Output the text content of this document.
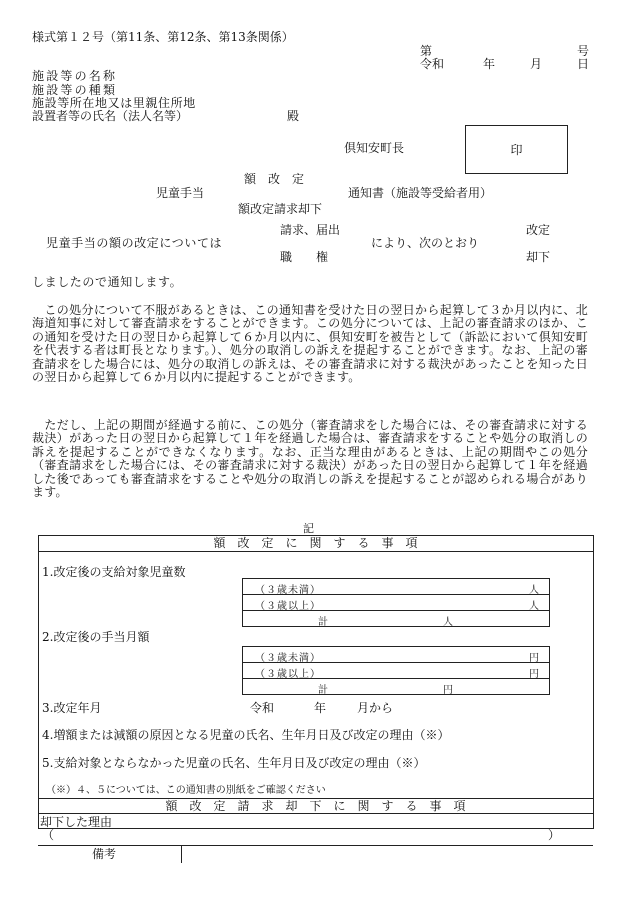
様式第１２号（第11条、第12条、第13条関係）
第	号
令和	年	月	日
施設等の名称
施設等の種類
施設等所在地又は里親住所地
設置者等の氏名（法人名等）	殿
倶知安町長	印
額　改　定
児童手当	通知書（施設等受給者用）
額改定請求却下
請求、届出	改定
児童手当の額の改定については	により、次のとおり
職　　権	却下
しましたので通知します。
　この処分について不服があるときは、この通知書を受けた日の翌日から起算して３か月以内に、北海道知事に対して審査請求をすることができます。この処分については、上記の審査請求のほか、この通知を受けた日の翌日から起算して６か月以内に、倶知安町を被告として（訴訟において倶知安町を代表する者は町長となります。）、処分の取消しの訴えを提起することができます。なお、上記の審査請求をした場合には、処分の取消しの訴えは、その審査請求に対する裁決があったことを知った日の翌日から起算して６か月以内に提起することができます。
　ただし、上記の期間が経過する前に、この処分（審査請求をした場合には、その審査請求に対する裁決）があった日の翌日から起算して１年を経過した場合は、審査請求をすることや処分の取消しの訴えを提起することができなくなります。なお、正当な理由があるときは、上記の期間やこの処分（審査請求をした場合には、その審査請求に対する裁決）があった日の翌日から起算して１年を経過した後であっても審査請求をすることや処分の取消しの訴えを提起することが認められる場合があります。
記
額　改　定　に　関　す　る　事　項
1.改定後の支給対象児童数
（３歳未満）	人
（３歳以上）	人
計	人
2.改定後の手当月額
（３歳未満）	円
（３歳以上）	円
計	円
3.改定年月	令和	年	月から
4.増額または減額の原因となる児童の氏名、生年月日及び改定の理由（※）
5.支給対象とならなかった児童の氏名、生年月日及び改定の理由（※）
（※）４、５については、この通知書の別紙をご確認ください
額　改　定　請　求　却　下　に　関　す　る　事　項
却下した理由
（	）
備考
